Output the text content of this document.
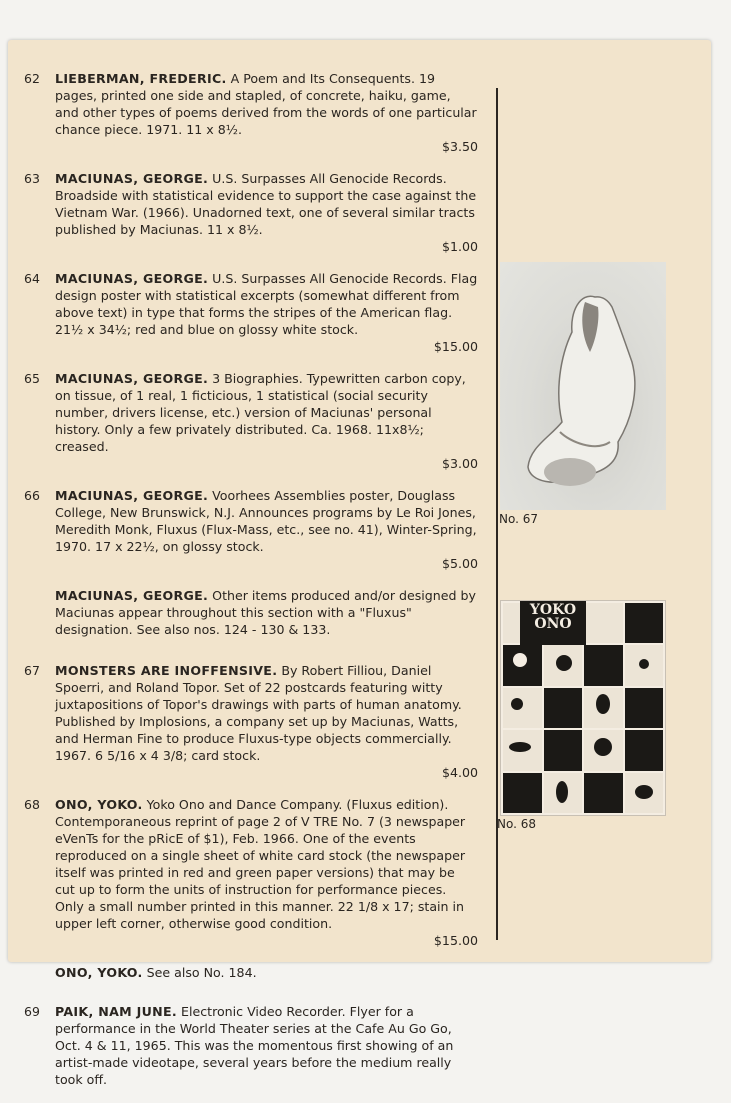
62 LIEBERMAN, FREDERIC. A Poem and Its Consequents. 19 pages, printed one side and stapled, of concrete, haiku, game, and other types of poems derived from the words of one particular chance piece. 1971. 11 x 8½.
$3.50
63 MACIUNAS, GEORGE. U.S. Surpasses All Genocide Records. Broadside with statistical evidence to support the case against the Vietnam War. (1966). Unadorned text, one of several similar tracts published by Maciunas. 11 x 8½.
$1.00
64 MACIUNAS, GEORGE. U.S. Surpasses All Genocide Records. Flag design poster with statistical excerpts (somewhat different from above text) in type that forms the stripes of the American flag. 21½ x 34½; red and blue on glossy white stock.
$15.00
65 MACIUNAS, GEORGE. 3 Biographies. Typewritten carbon copy, on tissue, of 1 real, 1 ficticious, 1 statistical (social security number, drivers license, etc.) version of Maciunas' personal history. Only a few privately distributed. Ca. 1968. 11x8½; creased.
$3.00
66 MACIUNAS, GEORGE. Voorhees Assemblies poster, Douglass College, New Brunswick, N.J. Announces programs by Le Roi Jones, Meredith Monk, Fluxus (Flux-Mass, etc., see no. 41), Winter-Spring, 1970. 17 x 22½, on glossy stock.
$5.00
MACIUNAS, GEORGE. Other items produced and/or designed by Maciunas appear throughout this section with a "Fluxus" designation. See also nos. 124 - 130 & 133.
67 MONSTERS ARE INOFFENSIVE. By Robert Filliou, Daniel Spoerri, and Roland Topor. Set of 22 postcards featuring witty juxtapositions of Topor's drawings with parts of human anatomy. Published by Implosions, a company set up by Maciunas, Watts, and Herman Fine to produce Fluxus-type objects commercially. 1967. 6 5/16 x 4 3/8; card stock.
$4.00
68 ONO, YOKO. Yoko Ono and Dance Company. (Fluxus edition). Contemporaneous reprint of page 2 of V TRE No. 7 (3 newspaper eVenTs for the pRicE of $1), Feb. 1966. One of the events reproduced on a single sheet of white card stock (the newspaper itself was printed in red and green paper versions) that may be cut up to form the units of instruction for performance pieces. Only a small number printed in this manner. 22 1/8 x 17; stain in upper left corner, otherwise good condition.
$15.00
ONO, YOKO. See also No. 184.
69 PAIK, NAM JUNE. Electronic Video Recorder. Flyer for a performance in the World Theater series at the Cafe Au Go Go, Oct. 4 & 11, 1965. This was the momentous first showing of an artist-made videotape, several years before the medium really took off.
No. 67
YOKO
ONO
No. 68
